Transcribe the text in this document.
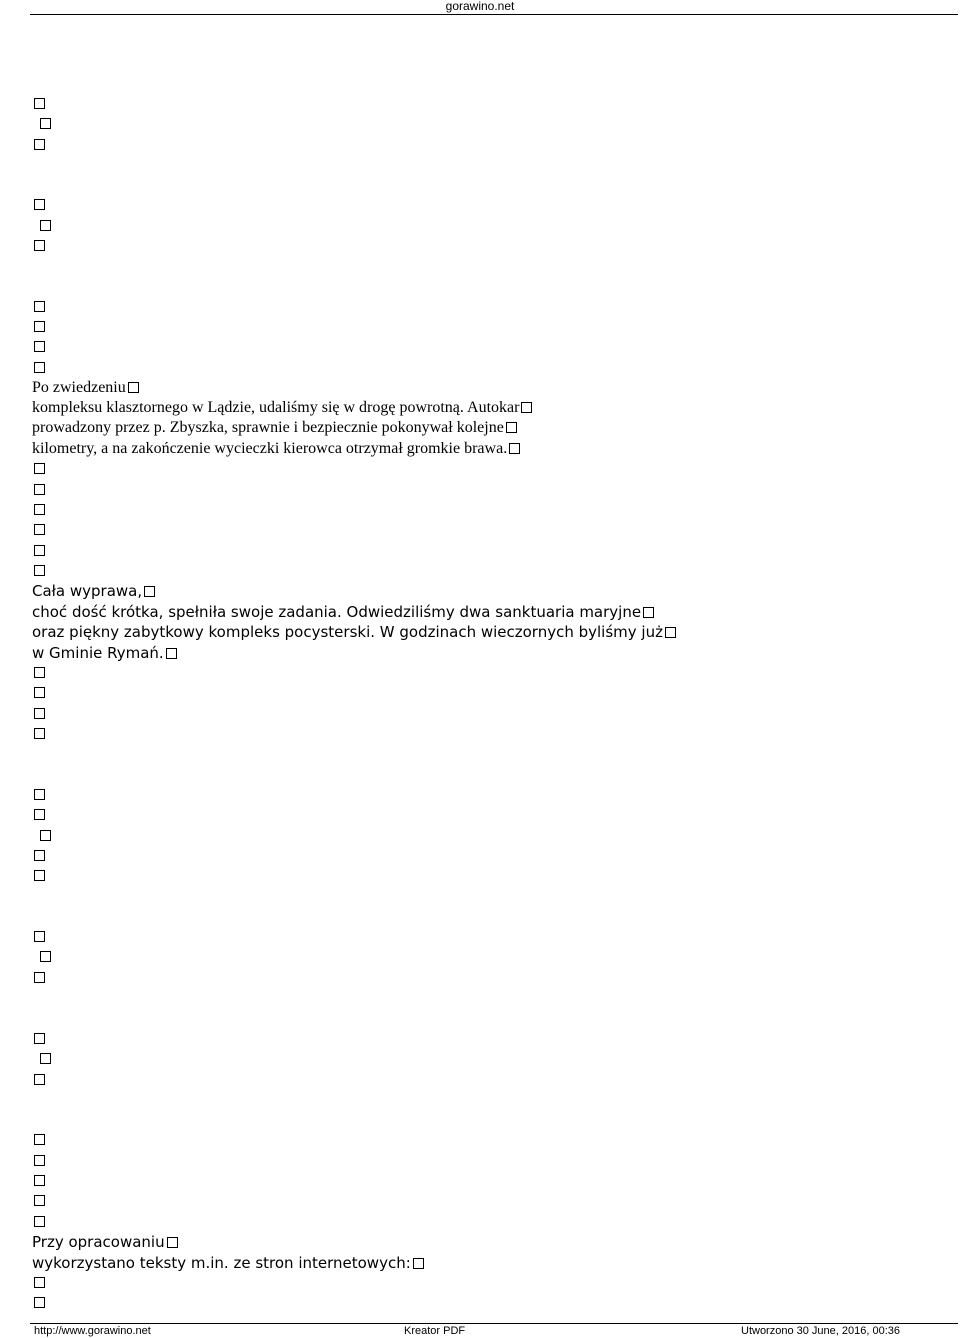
gorawino.net
Po zwiedzeniu
kompleksu klasztornego w Lądzie, udaliśmy się w drogę powrotną. Autokar
prowadzony przez p. Zbyszka, sprawnie i bezpiecznie pokonywał kolejne
kilometry, a na zakończenie wycieczki kierowca otrzymał gromkie brawa.
Cała wyprawa,
choć dość krótka, spełniła swoje zadania. Odwiedziliśmy dwa sanktuaria maryjne
oraz piękny zabytkowy kompleks pocysterski. W godzinach wieczornych byliśmy już
w Gminie Rymań.
Przy opracowaniu
wykorzystano teksty m.in. ze stron internetowych:
http://www.gorawino.net	Kreator PDF	Utworzono 30 June, 2016, 00:36
